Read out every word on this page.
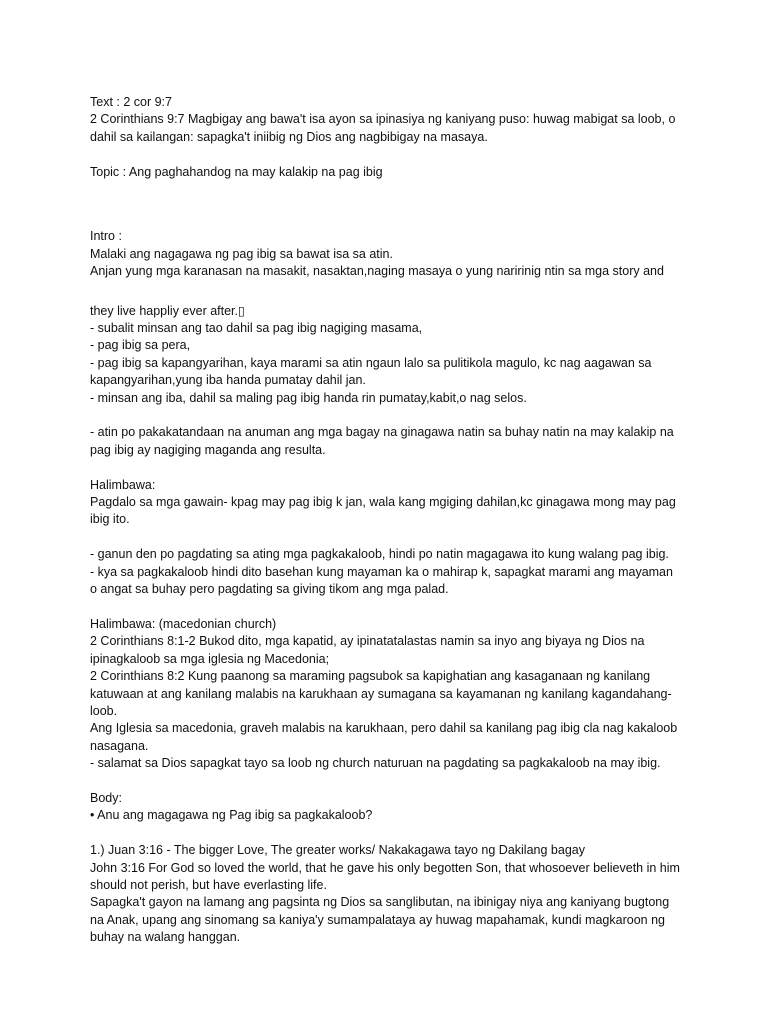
Text : 2 cor 9:7

2 Corinthians 9:7 Magbigay ang bawa't isa ayon sa ipinasiya ng kaniyang puso: huwag mabigat sa loob, o dahil sa kailangan: sapagka't iniibig ng Dios ang nagbibigay na masaya.

Topic : Ang paghahandog na may kalakip na pag ibig

Intro :

Malaki ang nagagawa ng pag ibig sa bawat isa sa atin.

Anjan yung mga karanasan na masakit, nasaktan,naging masaya o yung naririnig ntin sa mga story and

they live happliy ever after.▯

- subalit minsan ang tao dahil sa pag ibig nagiging masama,

- pag ibig sa pera,

- pag ibig sa kapangyarihan, kaya marami sa atin ngaun lalo sa pulitikola magulo, kc nag aagawan sa kapangyarihan,yung iba handa pumatay dahil jan.

- minsan ang iba, dahil sa maling pag ibig handa rin pumatay,kabit,o nag selos.

- atin po pakakatandaan na anuman ang mga bagay na ginagawa natin sa buhay natin na may kalakip na pag ibig ay nagiging maganda ang resulta.

Halimbawa:

Pagdalo sa mga gawain- kpag may pag ibig k jan, wala kang mgiging dahilan,kc ginagawa mong may pag ibig ito.

- ganun den po pagdating sa ating mga pagkakaloob, hindi po natin magagawa ito kung walang pag ibig.

- kya sa pagkakaloob hindi dito basehan kung mayaman ka o mahirap k, sapagkat marami ang mayaman o angat sa buhay pero pagdating sa giving tikom ang mga palad.

Halimbawa: (macedonian church)

2 Corinthians 8:1-2 Bukod dito, mga kapatid, ay ipinatatalastas namin sa inyo ang biyaya ng Dios na ipinagkaloob sa mga iglesia ng Macedonia;

2 Corinthians 8:2 Kung paanong sa maraming pagsubok sa kapighatian ang kasaganaan ng kanilang katuwaan at ang kanilang malabis na karukhaan ay sumagana sa kayamanan ng kanilang kagandahang-loob.

Ang Iglesia sa macedonia, graveh malabis na karukhaan, pero dahil sa kanilang pag ibig cla nag kakaloob nasagana.

- salamat sa Dios sapagkat tayo sa loob ng church naturuan na pagdating sa pagkakaloob na may ibig.

Body:

• Anu ang magagawa ng Pag ibig sa pagkakaloob?

1.) Juan 3:16 - The bigger Love, The greater works/ Nakakagawa tayo ng Dakilang bagay

John 3:16 For God so loved the world, that he gave his only begotten Son, that whosoever believeth in him should not perish, but have everlasting life.

Sapagka't gayon na lamang ang pagsinta ng Dios sa sanglibutan, na ibinigay niya ang kaniyang bugtong na Anak, upang ang sinomang sa kaniya'y sumampalataya ay huwag mapahamak, kundi magkaroon ng buhay na walang hanggan.
